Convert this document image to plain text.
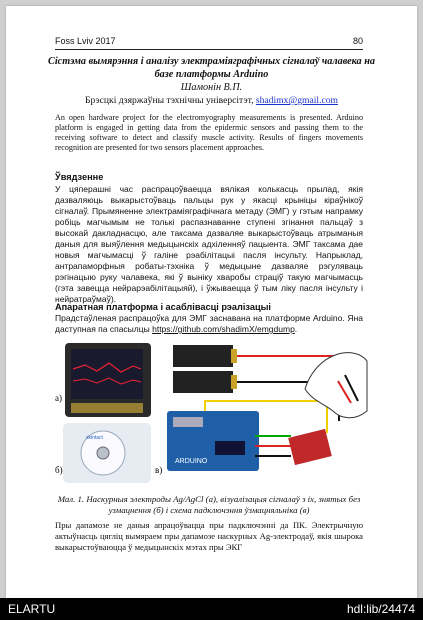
Foss Lviv 2017	80
Сістэма вымярэння і аналізу электраміяграфічных сігналаў чалавека на базе платформы Arduino
Шамонін В.П.
Брэсцкі дзяржаўны тэхнічны універсітэт, shadimx@gmail.com
An open hardware project for the electromyography measurements is presented. Arduino platform is engaged in getting data from the epidermic sensors and passing them to the receiving software to detect and classify muscle activity. Results of fingers movements recognition are presented for two sensors placement approaches.
Ўвядзенне
У цяперашні час распрацоўваецца вялікая колькасць прылад, якія дазваляюць выкарыстоўваць пальцы рук у якасці крыніцы кіраўнікоў сігналаў. Прымяненне электраміяграфічнага метаду (ЭМГ) у гэтым напрамку робіць магчымым не толькі распазнаванне ступені згінання пальцаў з высокай дакладнасцю, але таксама дазваляе выкарыстоўваць атрыманыя даныя для выяўлення медыцынскіх адхіленняў пацыента. ЭМГ таксама дае новыя магчымасці ў галіне рэабілітацыі пасля інсульту. Напрыклад, антрапаморфныя робаты-тэхніка ў медыцыне дазваляе рэгуляваць рэгінацыю руку чалавека, які ў выніку хваробы страціў такую магчымасць (гэта завецца нейрарэабілітацыяй), і ўжываецца ў тым ліку пасля інсульту і нейратраўмаў).
Апаратная платформа і асаблівасці рэалізацыі
Прадстаўленая распрацоўка для ЭМГ заснавана на платформе Arduino. Яна даступная па спасылцы https://github.com/shadimX/emgdump.
а)
б)
skintact
в)
ARDUINO
Мал. 1. Наскурныя электроды Ag/AgCl (а), візуалізацыя сігналаў з іх, знятых без узмацнення (б) і схема падключэння ўзмацняльніка (в)
Пры дапамозе не даныя апрацоўвацца пры падключэнні да ПК. Электрычную актыўнасць цягліц вымяраем пры дапамозе наскурных Ag-электродаў, якія шырока выкарыстоўваюцца ў медыцынскіх мэтах пры ЭКГ
ELARTU	hdl:lib/24474
